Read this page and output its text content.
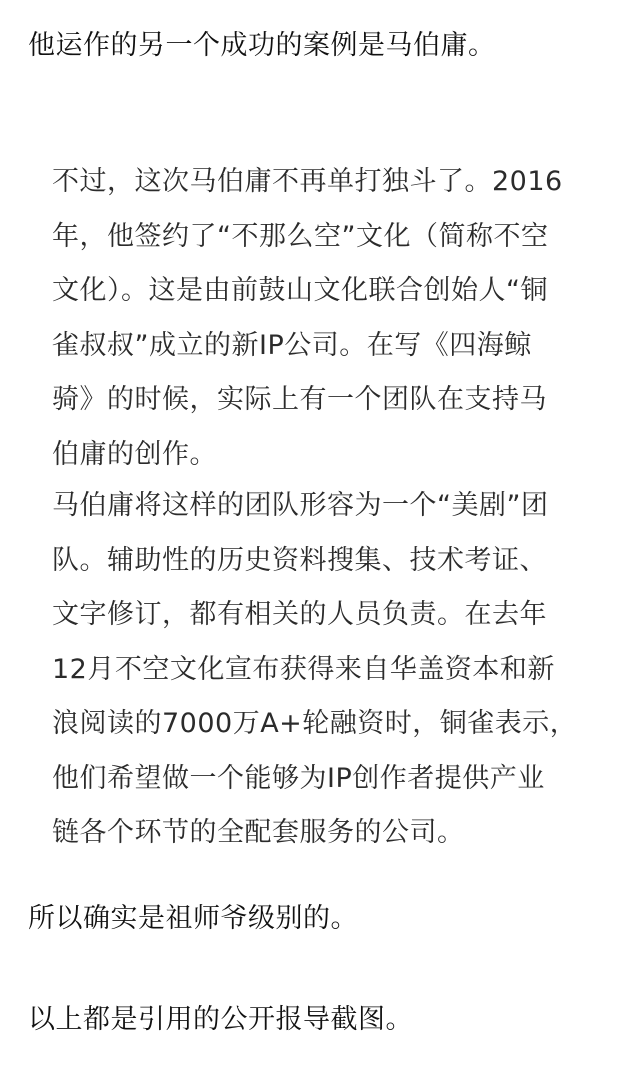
他运作的另一个成功的案例是马伯庸。
不过，这次马伯庸不再单打独斗了。2016
年，他签约了“不那么空”文化（简称不空
文化）。这是由前鼓山文化联合创始人“铜
雀叔叔”成立的新IP公司。在写《四海鲸
骑》的时候，实际上有一个团队在支持马
伯庸的创作。
马伯庸将这样的团队形容为一个“美剧”团
队。辅助性的历史资料搜集、技术考证、
文字修订，都有相关的人员负责。在去年
12月不空文化宣布获得来自华盖资本和新
浪阅读的7000万A+轮融资时，铜雀表示，
他们希望做一个能够为IP创作者提供产业
链各个环节的全配套服务的公司。
所以确实是祖师爷级别的。
以上都是引用的公开报导截图。
